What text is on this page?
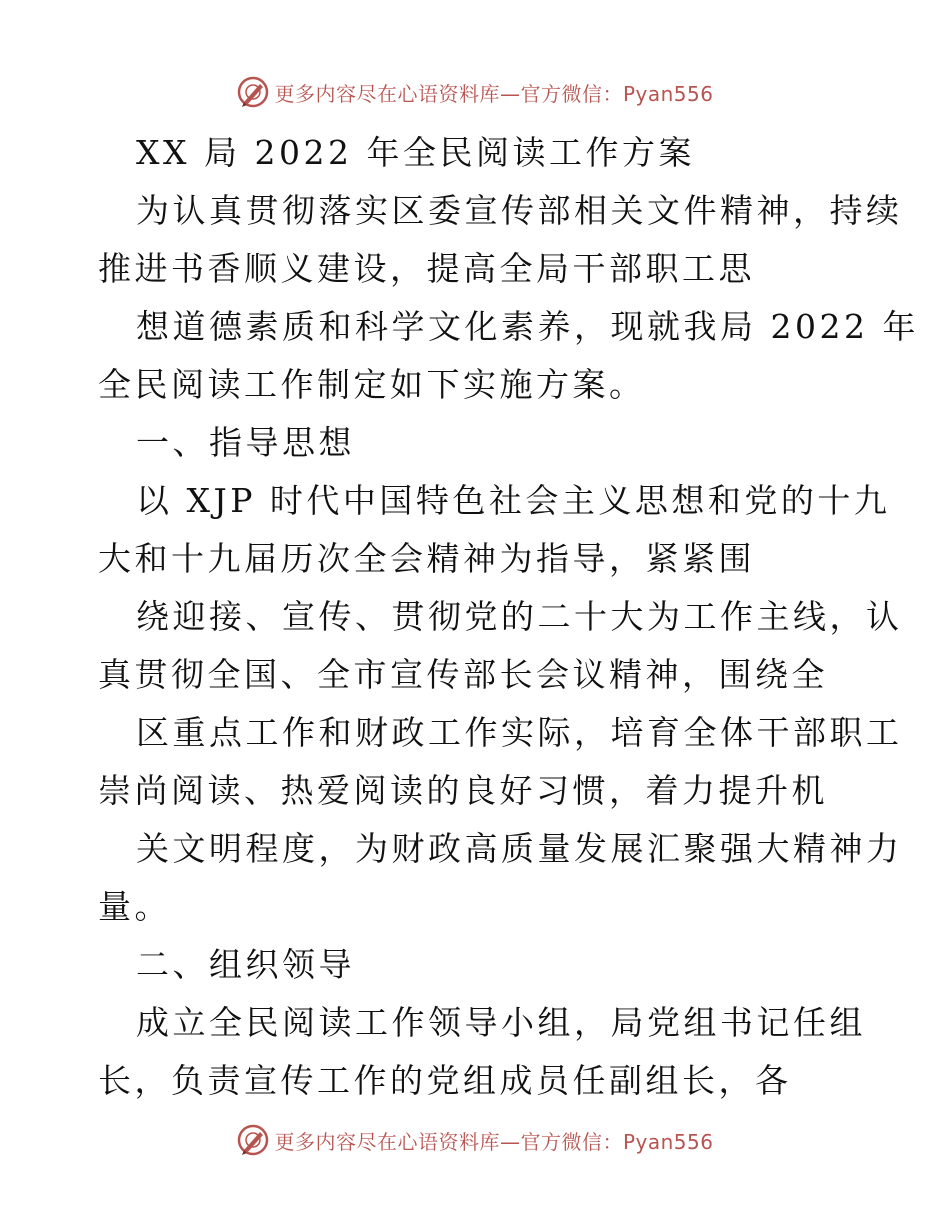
更多内容尽在心语资料库—官方微信：Pyan556
XX 局 2022 年全民阅读工作方案
为认真贯彻落实区委宣传部相关文件精神，持续
推进书香顺义建设，提高全局干部职工思
想道德素质和科学文化素养，现就我局 2022 年
全民阅读工作制定如下实施方案。
一、指导思想
以 XJP 时代中国特色社会主义思想和党的十九
大和十九届历次全会精神为指导，紧紧围
绕迎接、宣传、贯彻党的二十大为工作主线，认
真贯彻全国、全市宣传部长会议精神，围绕全
区重点工作和财政工作实际，培育全体干部职工
崇尚阅读、热爱阅读的良好习惯，着力提升机
关文明程度，为财政高质量发展汇聚强大精神力
量。
二、组织领导
成立全民阅读工作领导小组，局党组书记任组
长，负责宣传工作的党组成员任副组长，各
更多内容尽在心语资料库—官方微信：Pyan556
